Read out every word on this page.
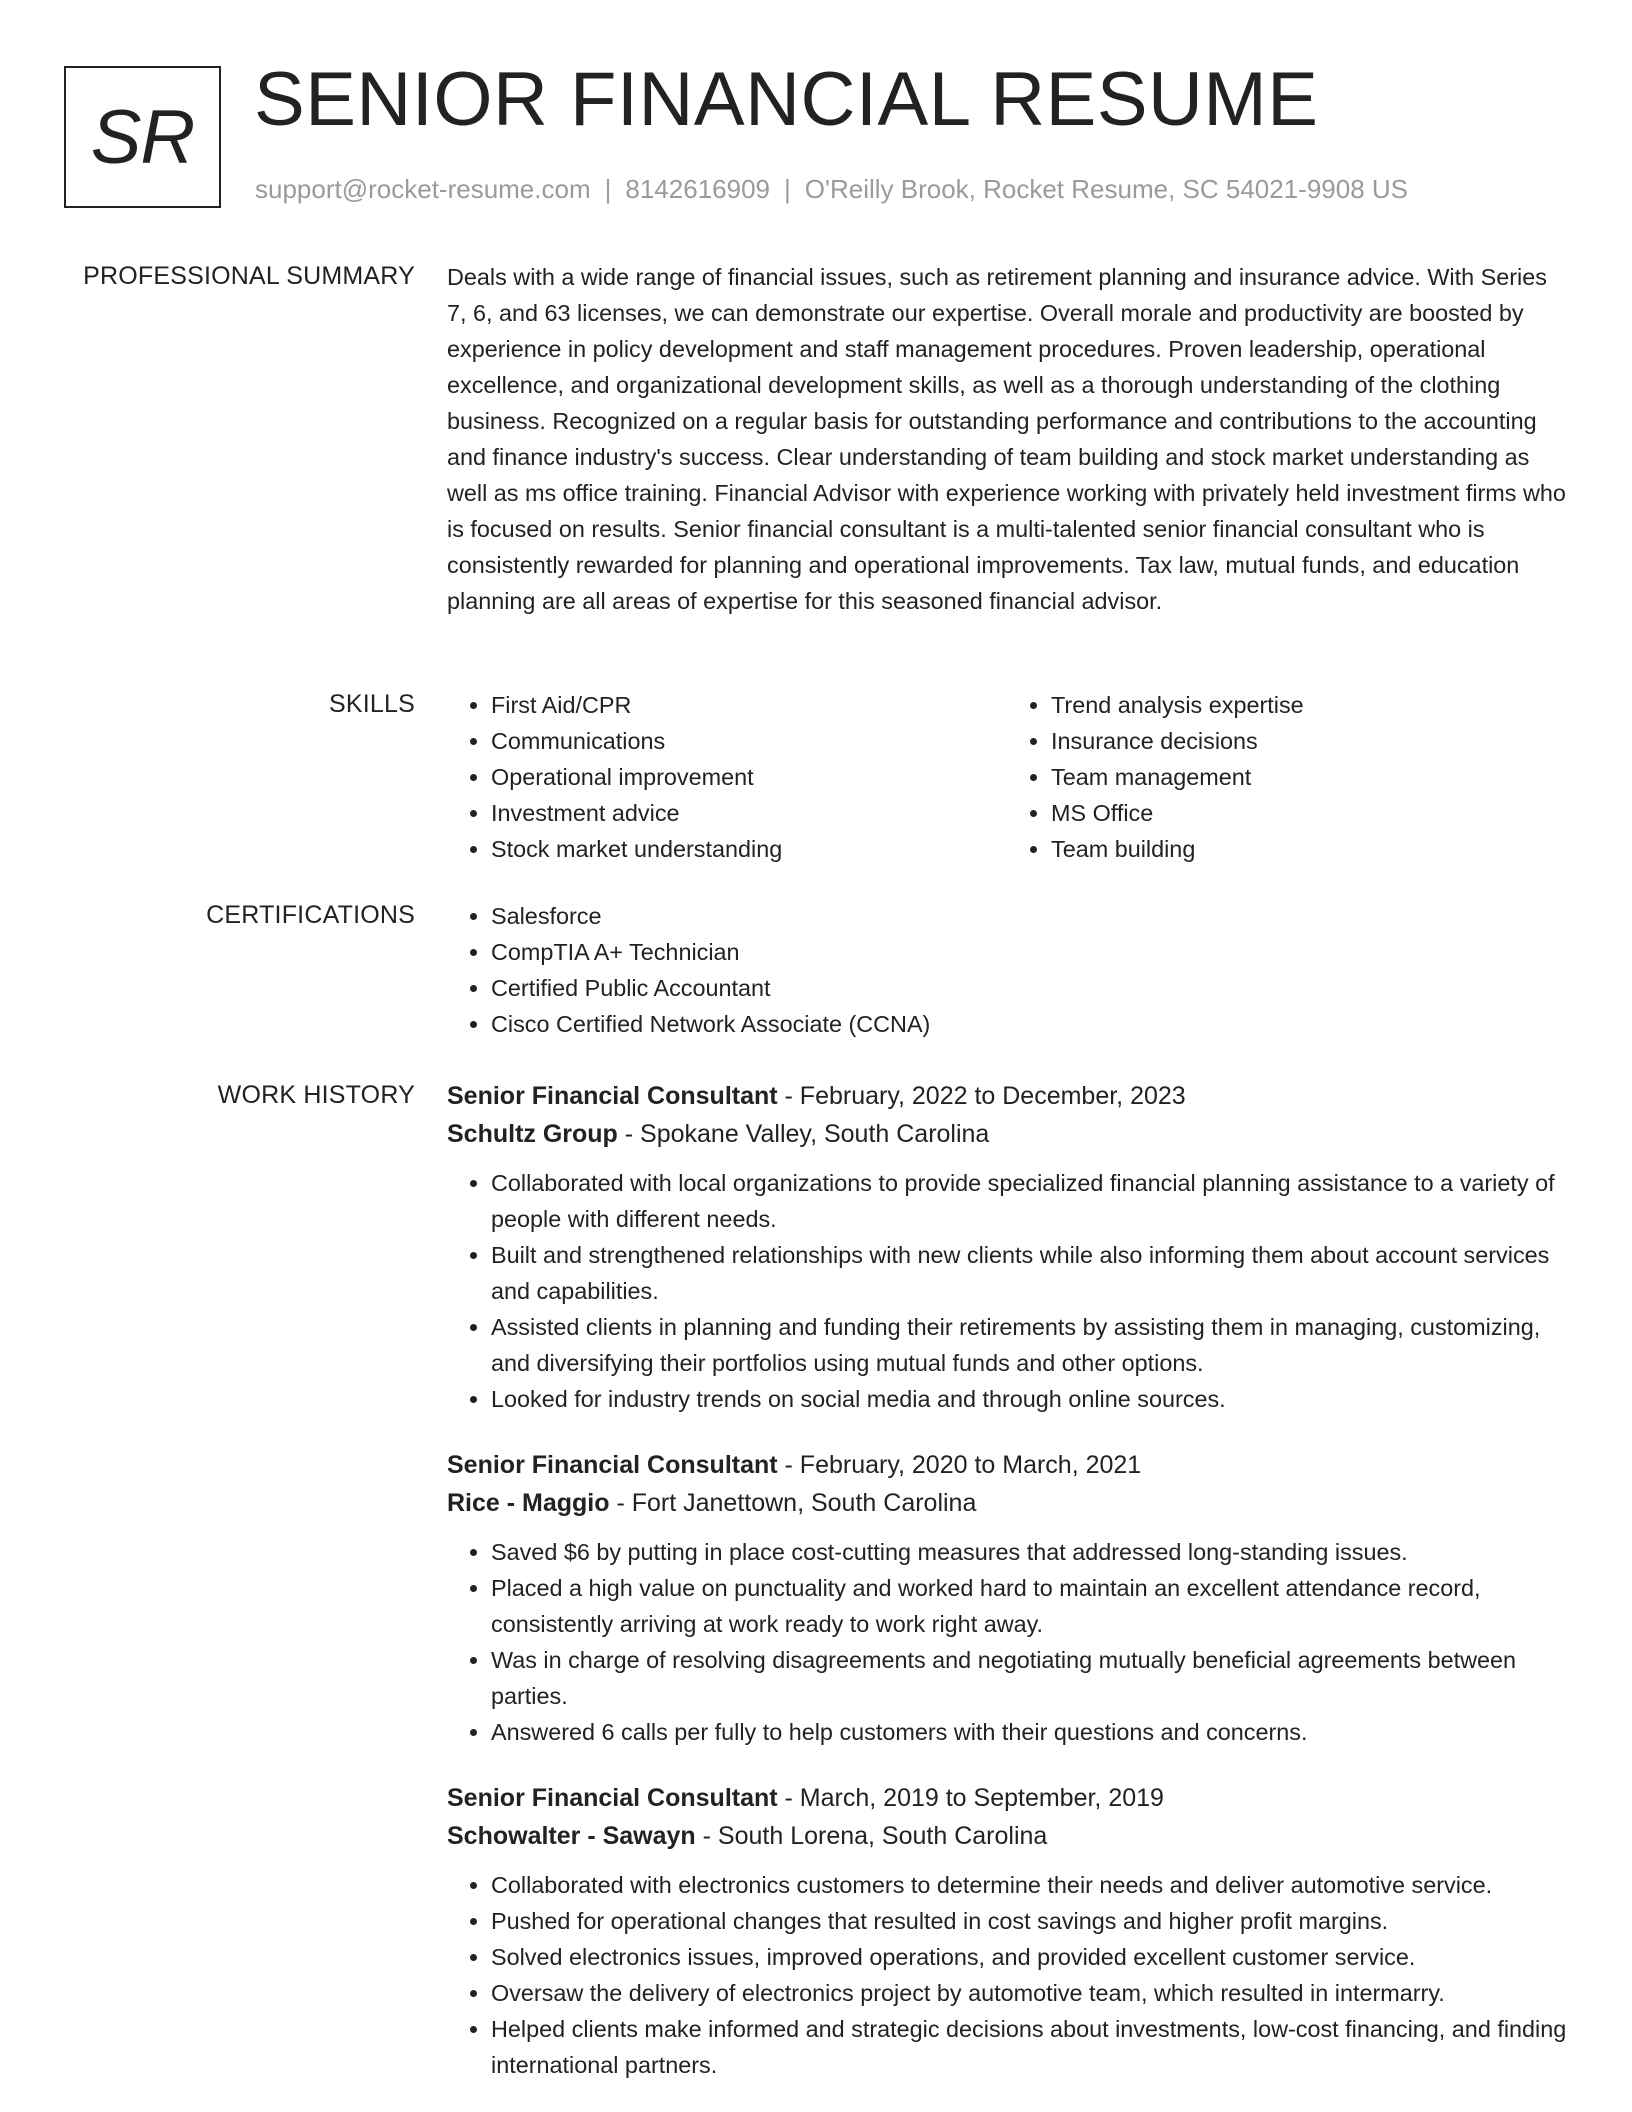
SR SENIOR FINANCIAL RESUME
support@rocket-resume.com | 8142616909 | O'Reilly Brook, Rocket Resume, SC 54021-9908 US
PROFESSIONAL SUMMARY Deals with a wide range of financial issues, such as retirement planning and insurance advice. With Series 7, 6, and 63 licenses, we can demonstrate our expertise. Overall morale and productivity are boosted by experience in policy development and staff management procedures. Proven leadership, operational excellence, and organizational development skills, as well as a thorough understanding of the clothing business. Recognized on a regular basis for outstanding performance and contributions to the accounting and finance industry's success. Clear understanding of team building and stock market understanding as well as ms office training. Financial Advisor with experience working with privately held investment firms who is focused on results. Senior financial consultant is a multi-talented senior financial consultant who is consistently rewarded for planning and operational improvements. Tax law, mutual funds, and education planning are all areas of expertise for this seasoned financial advisor.

SKILLS	• First Aid/CPR
• Communications
• Operational improvement
• Investment advice
• Stock market understanding
• Trend analysis expertise
• Insurance decisions
• Team management
• MS Office
• Team building
CERTIFICATIONS	• Salesforce
• CompTIA A+ Technician
• Certified Public Accountant
• Cisco Certified Network Associate (CCNA)
WORK HISTORY Senior Financial Consultant - February, 2022 to December, 2023
Schultz Group - Spokane Valley, South Carolina
• Collaborated with local organizations to provide specialized financial planning assistance to a variety of people with different needs.
• Built and strengthened relationships with new clients while also informing them about account services and capabilities.
• Assisted clients in planning and funding their retirements by assisting them in managing, customizing, and diversifying their portfolios using mutual funds and other options.
• Looked for industry trends on social media and through online sources.
Senior Financial Consultant - February, 2020 to March, 2021
Rice - Maggio - Fort Janettown, South Carolina
• Saved $6 by putting in place cost-cutting measures that addressed long-standing issues.
• Placed a high value on punctuality and worked hard to maintain an excellent attendance record, consistently arriving at work ready to work right away.
• Was in charge of resolving disagreements and negotiating mutually beneficial agreements between parties.
• Answered 6 calls per fully to help customers with their questions and concerns.
Senior Financial Consultant - March, 2019 to September, 2019
Schowalter - Sawayn - South Lorena, South Carolina
• Collaborated with electronics customers to determine their needs and deliver automotive service.
• Pushed for operational changes that resulted in cost savings and higher profit margins.
• Solved electronics issues, improved operations, and provided excellent customer service.
• Oversaw the delivery of electronics project by automotive team, which resulted in intermarry.
• Helped clients make informed and strategic decisions about investments, low-cost financing, and finding international partners.
